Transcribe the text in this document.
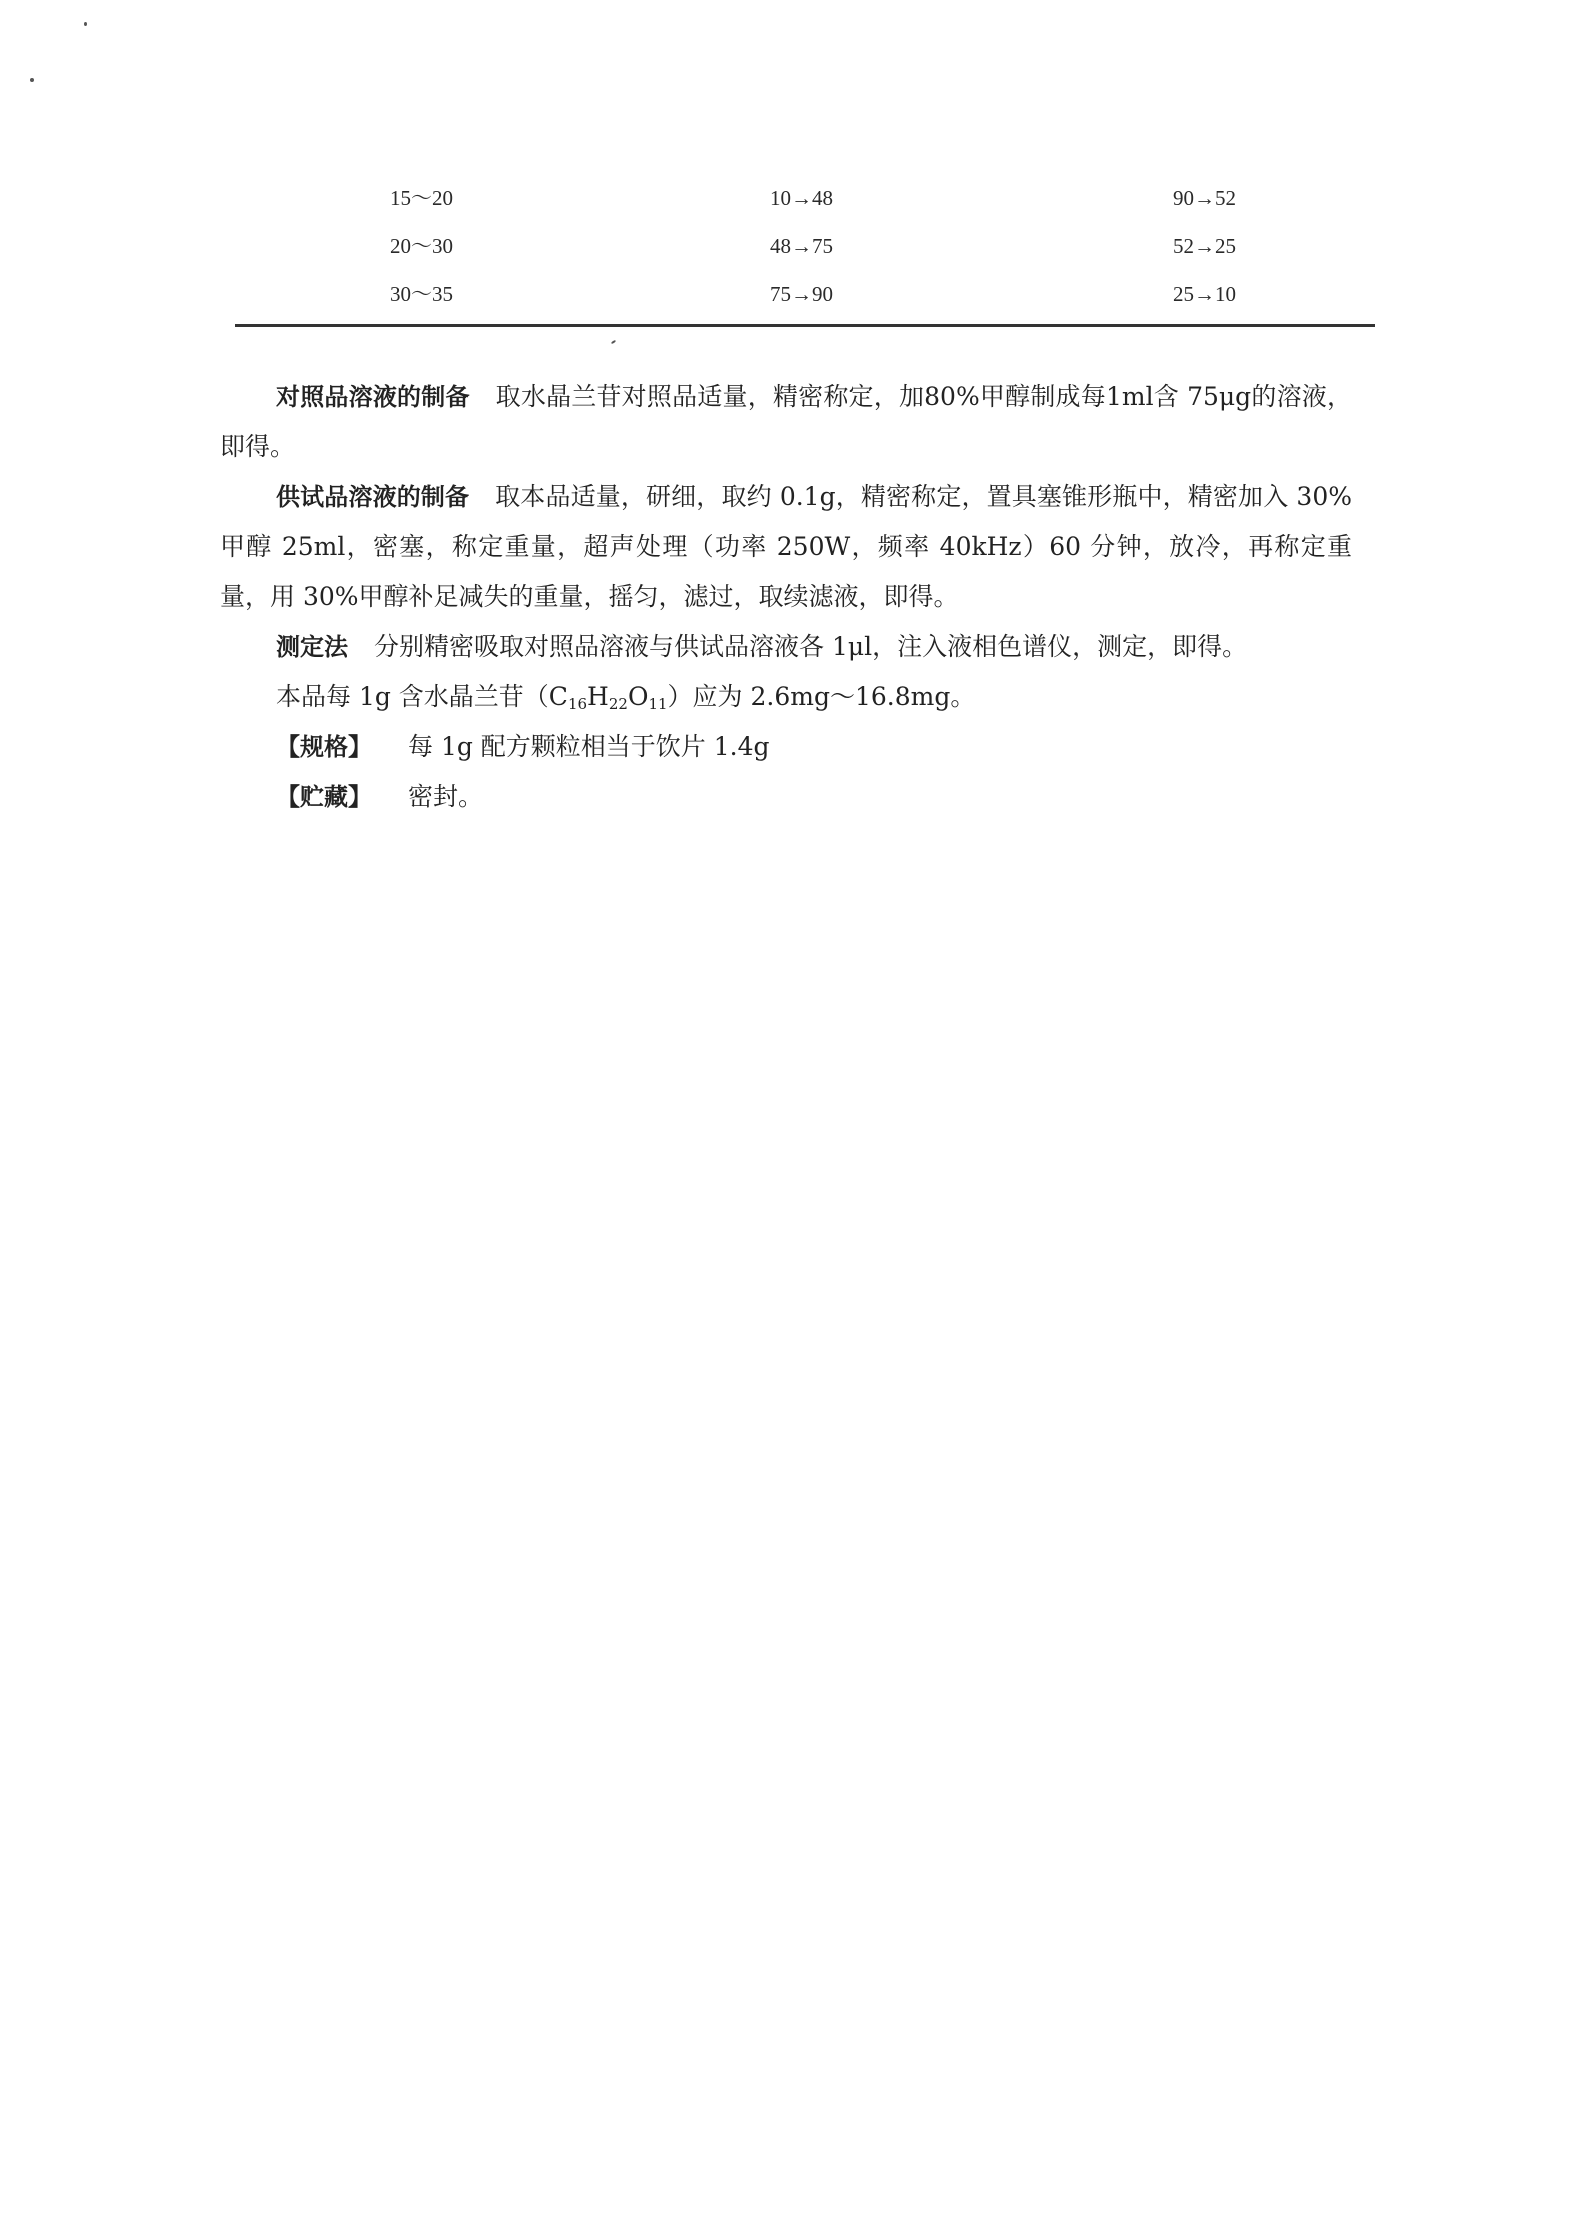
15～20	10→48	90→52
20～30	48→75	52→25
30～35	75→90	25→10

对照品溶液的制备 取水晶兰苷对照品适量，精密称定，加80%甲醇制成每1ml含 75μg的溶液，即得。

供试品溶液的制备 取本品适量，研细，取约 0.1g，精密称定，置具塞锥形瓶中，精密加入 30%甲醇 25ml，密塞，称定重量，超声处理（功率 250W，频率 40kHz）60 分钟，放冷，再称定重量，用 30%甲醇补足减失的重量，摇匀，滤过，取续滤液，即得。

测定法 分别精密吸取对照品溶液与供试品溶液各 1μl，注入液相色谱仪，测定，即得。

本品每 1g 含水晶兰苷$(C_{16}H_{22}O_{11})$应为 2.6mg～16.8mg。

【规格】 每 1g 配方颗粒相当于饮片 1.4g

【贮藏】 密封。
